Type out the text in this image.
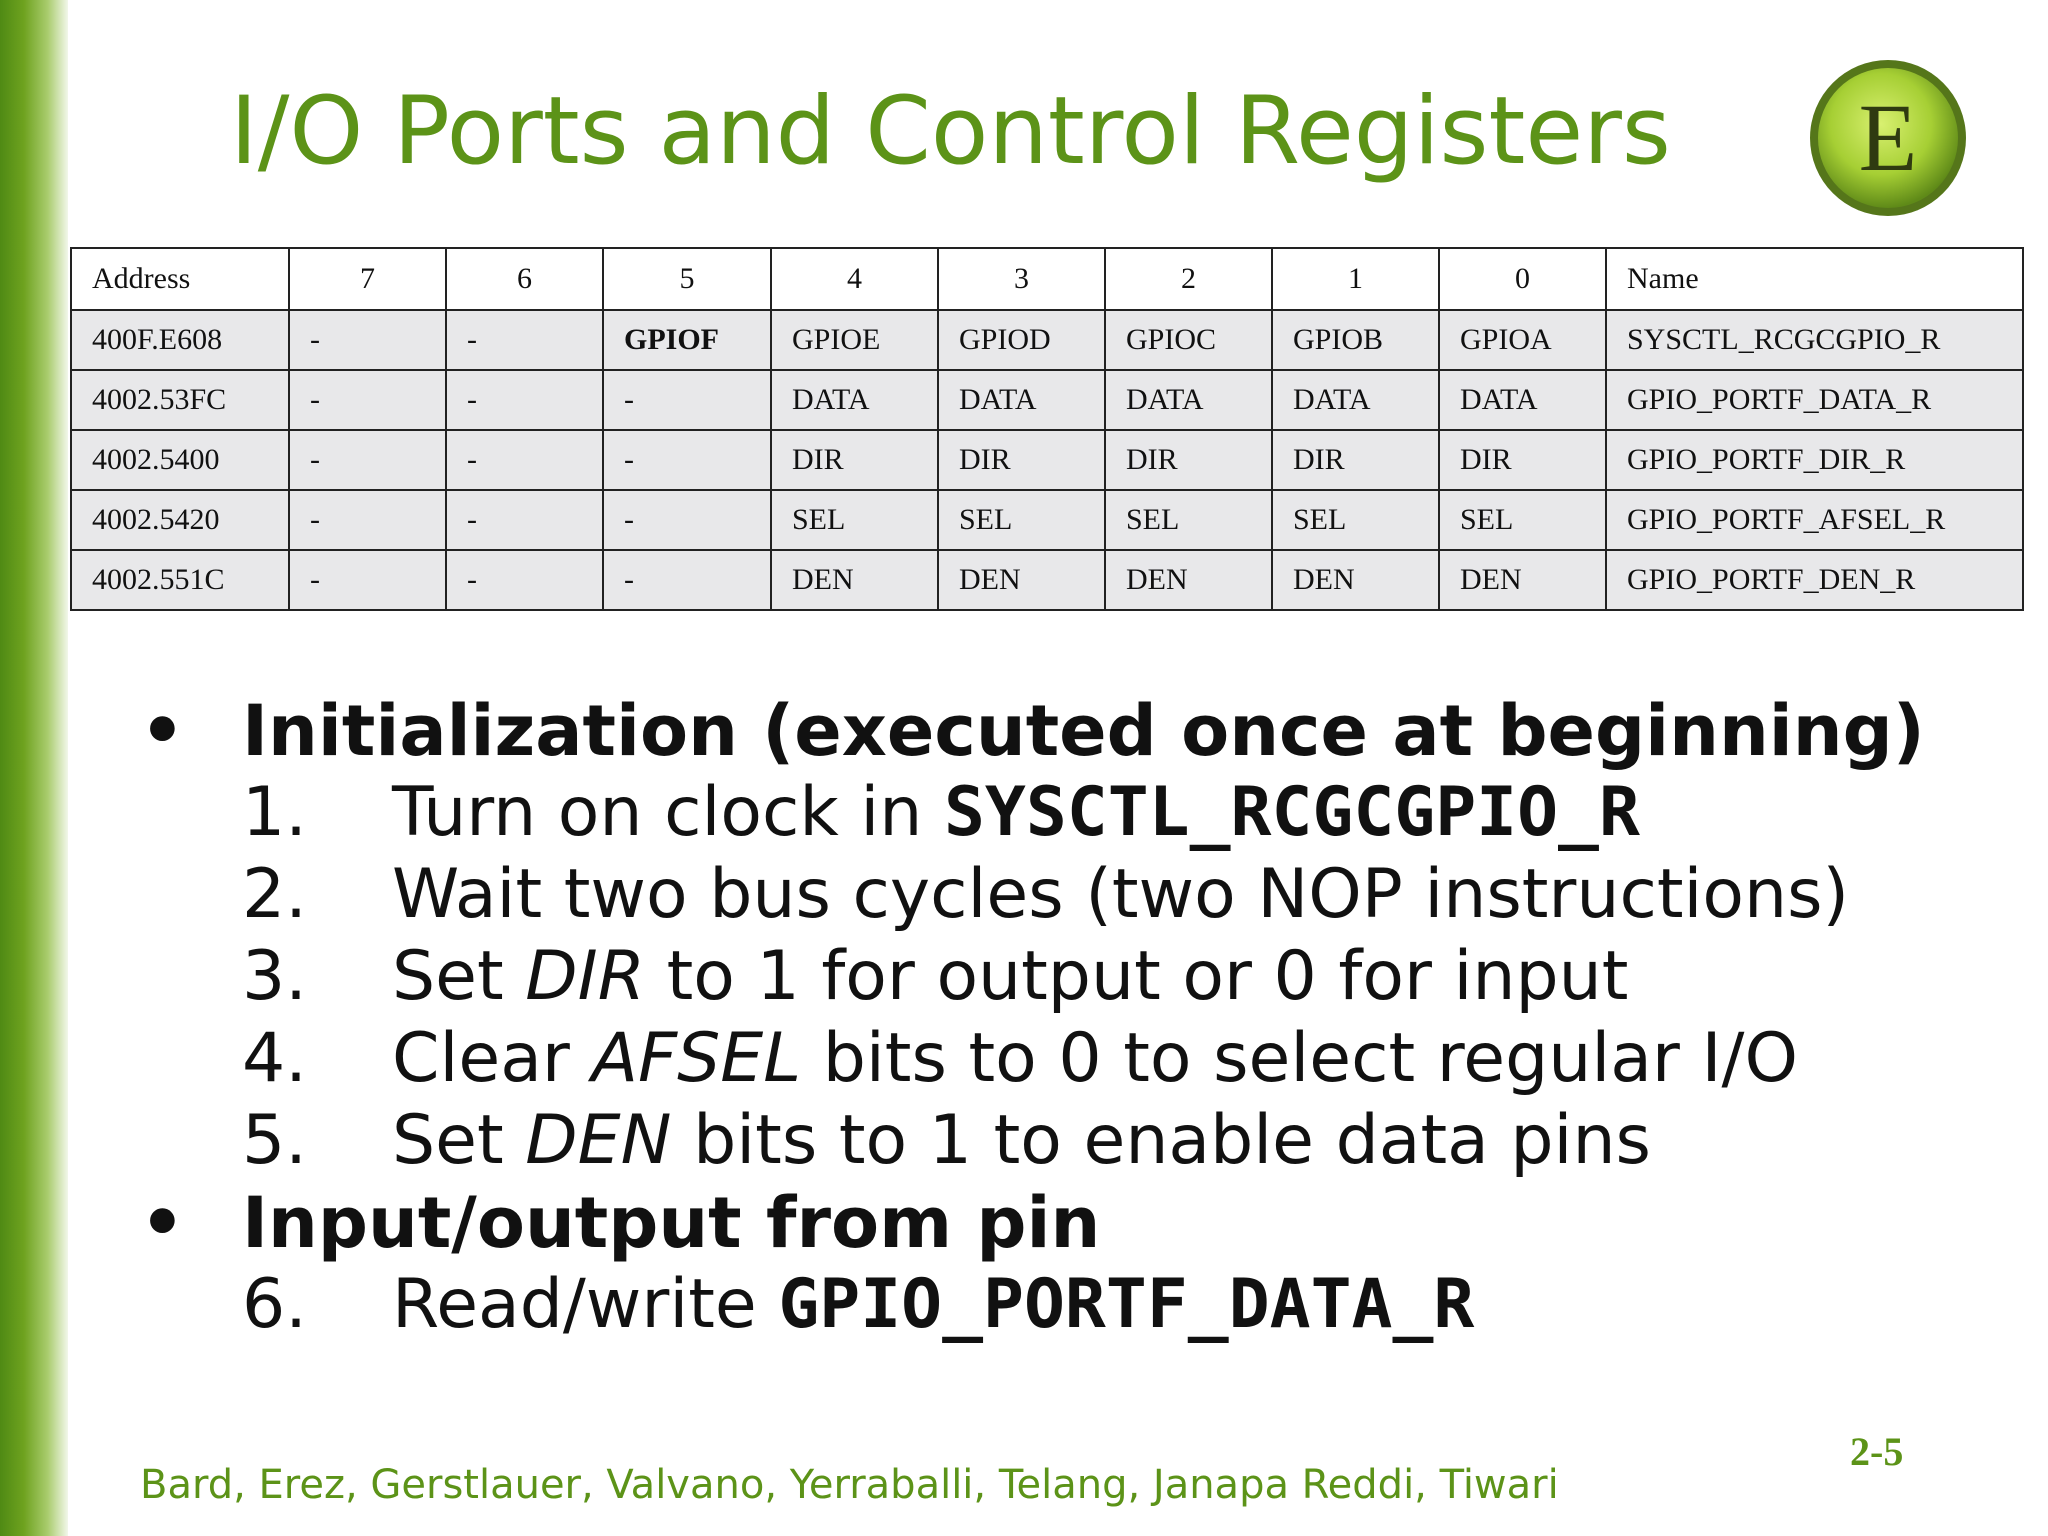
I/O Ports and Control Registers E
Address	7	6	5	4	3	2	1	0	Name
400F.E608	-	-	GPIOF	GPIOE	GPIOD	GPIOC	GPIOB	GPIOA	SYSCTL_RCGCGPIO_R
4002.53FC	-	-	-	DATA	DATA	DATA	DATA	DATA	GPIO_PORTF_DATA_R
4002.5400	-	-	-	DIR	DIR	DIR	DIR	DIR	GPIO_PORTF_DIR_R
4002.5420	-	-	-	SEL	SEL	SEL	SEL	SEL	GPIO_PORTF_AFSEL_R
4002.551C	-	-	-	DEN	DEN	DEN	DEN	DEN	GPIO_PORTF_DEN_R
• Initialization (executed once at beginning)
1. Turn on clock in SYSCTL_RCGCGPIO_R
2. Wait two bus cycles (two NOP instructions)
3. Set DIR to 1 for output or 0 for input
4. Clear AFSEL bits to 0 to select regular I/O
5. Set DEN bits to 1 to enable data pins
• Input/output from pin
6. Read/write GPIO_PORTF_DATA_R
Bard, Erez, Gerstlauer, Valvano, Yerraballi, Telang, Janapa Reddi, Tiwari
2-5
